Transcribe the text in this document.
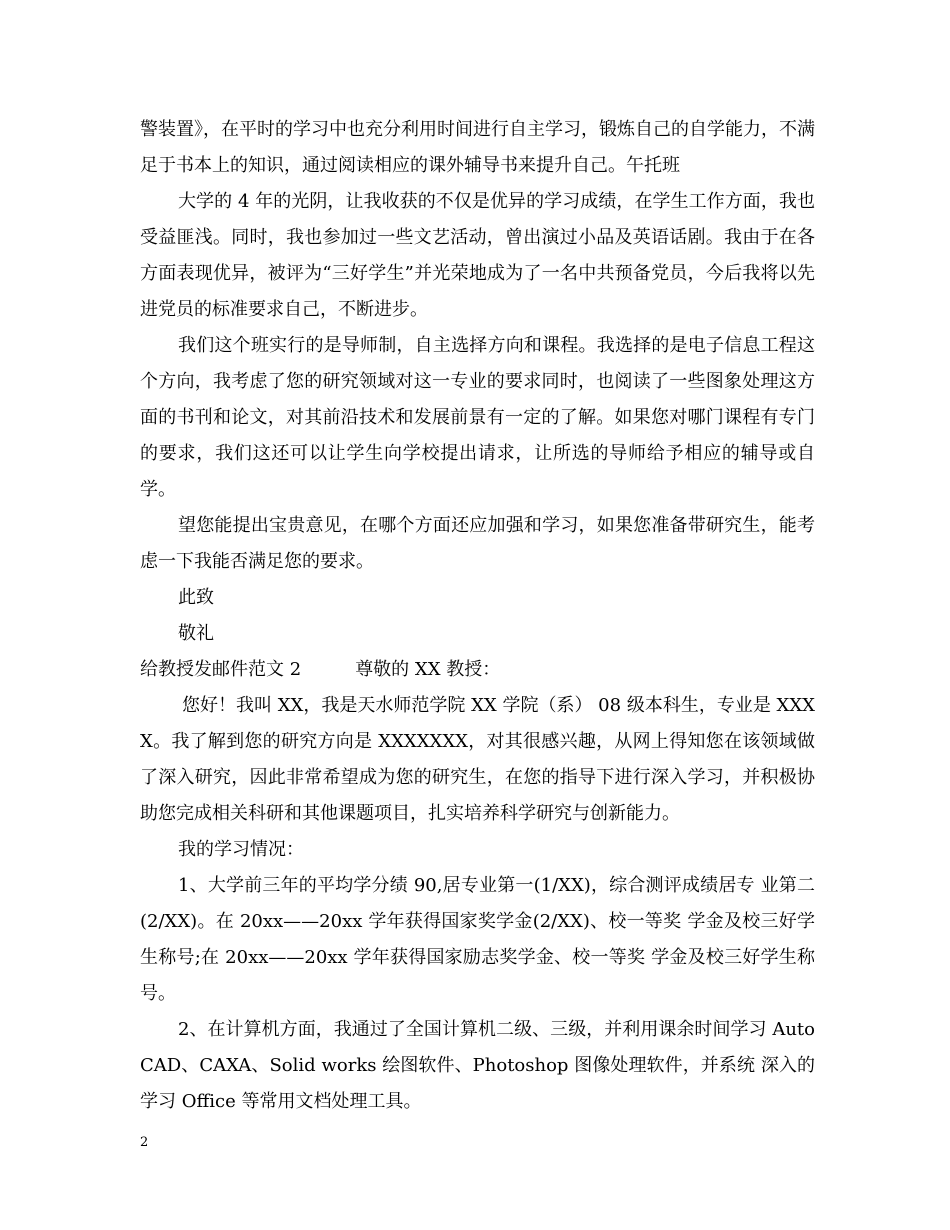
警装置》，在平时的学习中也充分利用时间进行自主学习，锻炼自己的自学能力，不满足于书本上的知识，通过阅读相应的课外辅导书来提升自己。午托班

大学的 4 年的光阴，让我收获的不仅是优异的学习成绩，在学生工作方面，我也受益匪浅。同时，我也参加过一些文艺活动，曾出演过小品及英语话剧。我由于在各方面表现优异，被评为“三好学生”并光荣地成为了一名中共预备党员，今后我将以先进党员的标准要求自己，不断进步。

我们这个班实行的是导师制，自主选择方向和课程。我选择的是电子信息工程这个方向，我考虑了您的研究领域对这一专业的要求同时，也阅读了一些图象处理这方面的书刊和论文，对其前沿技术和发展前景有一定的了解。如果您对哪门课程有专门的要求，我们这还可以让学生向学校提出请求，让所选的导师给予相应的辅导或自学。

望您能提出宝贵意见，在哪个方面还应加强和学习，如果您准备带研究生，能考虑一下我能否满足您的要求。

此致

敬礼

给教授发邮件范文 2	尊敬的 XX 教授：

您好！我叫 XX，我是天水师范学院 XX 学院（系） 08 级本科生，专业是 XXXX。我了解到您的研究方向是 XXXXXXX，对其很感兴趣，从网上得知您在该领域做了深入研究，因此非常希望成为您的研究生，在您的指导下进行深入学习，并积极协助您完成相关科研和其他课题项目，扎实培养科学研究与创新能力。

我的学习情况：

1、大学前三年的平均学分绩 90,居专业第一(1/XX)，综合测评成绩居专 业第二(2/XX)。在 20xx——20xx 学年获得国家奖学金(2/XX)、校一等奖 学金及校三好学生称号;在 20xx——20xx 学年获得国家励志奖学金、校一等奖 学金及校三好学生称号。

2、在计算机方面，我通过了全国计算机二级、三级，并利用课余时间学习 AutoCAD、CAXA、Solid works 绘图软件、Photoshop 图像处理软件，并系统 深入的学习 Office 等常用文档处理工具。

2
